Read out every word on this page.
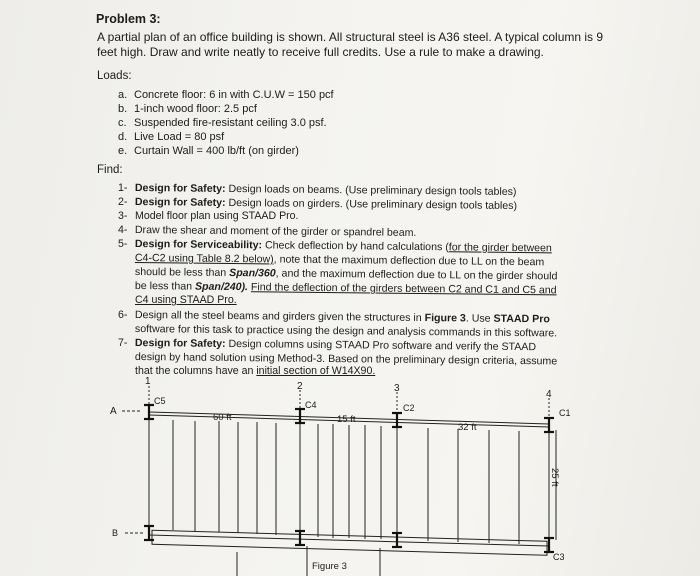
Problem 3:
A partial plan of an office building is shown. All structural steel is A36 steel. A typical column is 9
feet high. Draw and write neatly to receive full credits. Use a rule to make a drawing.
Loads:
a. Concrete floor: 6 in with C.U.W = 150 pcf
b. 1-inch wood floor: 2.5 pcf
c. Suspended fire-resistant ceiling 3.0 psf.
d. Live Load = 80 psf
e. Curtain Wall = 400 lb/ft (on girder)
Find:
1- Design for Safety: Design loads on beams. (Use preliminary design tools tables)
2- Design for Safety: Design loads on girders. (Use preliminary design tools tables)
3- Model floor plan using STAAD Pro.
4- Draw the shear and moment of the girder or spandrel beam.
5- Design for Serviceability: Check deflection by hand calculations (for the girder between
C4-C2 using Table 8.2 below), note that the maximum deflection due to LL on the beam
should be less than Span/360, and the maximum deflection due to LL on the girder should
be less than Span/240). Find the deflection of the girders between C2 and C1 and C5 and
C4 using STAAD Pro.
6- Design all the steel beams and girders given the structures in Figure 3. Use STAAD Pro
software for this task to practice using the design and analysis commands in this software.
7- Design for Safety: Design columns using STAAD Pro software and verify the STAAD
design by hand solution using Method-3. Based on the preliminary design criteria, assume
that the columns have an initial section of W14X90.
1	2	3
4
A
B
C5	C4	C2	C1
C3
60 ft	15 ft
32 ft
25 ft
Figure 3
